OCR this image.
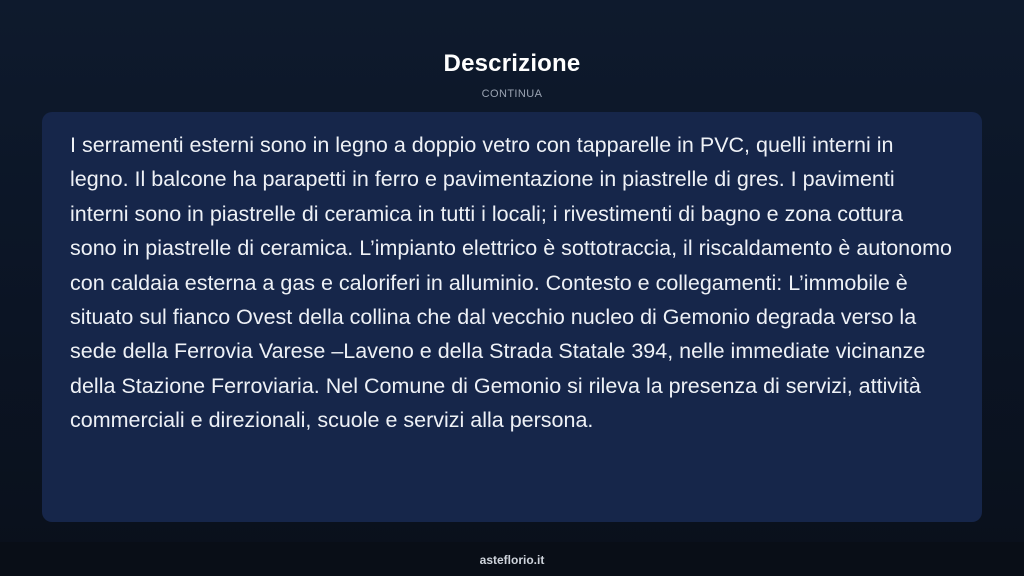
Descrizione
CONTINUA

I serramenti esterni sono in legno a doppio vetro con tapparelle in PVC, quelli interni in legno. Il balcone ha parapetti in ferro e pavimentazione in piastrelle di gres. I pavimenti interni sono in piastrelle di ceramica in tutti i locali; i rivestimenti di bagno e zona cottura sono in piastrelle di ceramica. L’impianto elettrico è sottotraccia, il riscaldamento è autonomo con caldaia esterna a gas e caloriferi in alluminio. Contesto e collegamenti: L’immobile è situato sul fianco Ovest della collina che dal vecchio nucleo di Gemonio degrada verso la sede della Ferrovia Varese –Laveno e della Strada Statale 394, nelle immediate vicinanze della Stazione Ferroviaria. Nel Comune di Gemonio si rileva la presenza di servizi, attività commerciali e direzionali, scuole e servizi alla persona.

asteflorio.it
